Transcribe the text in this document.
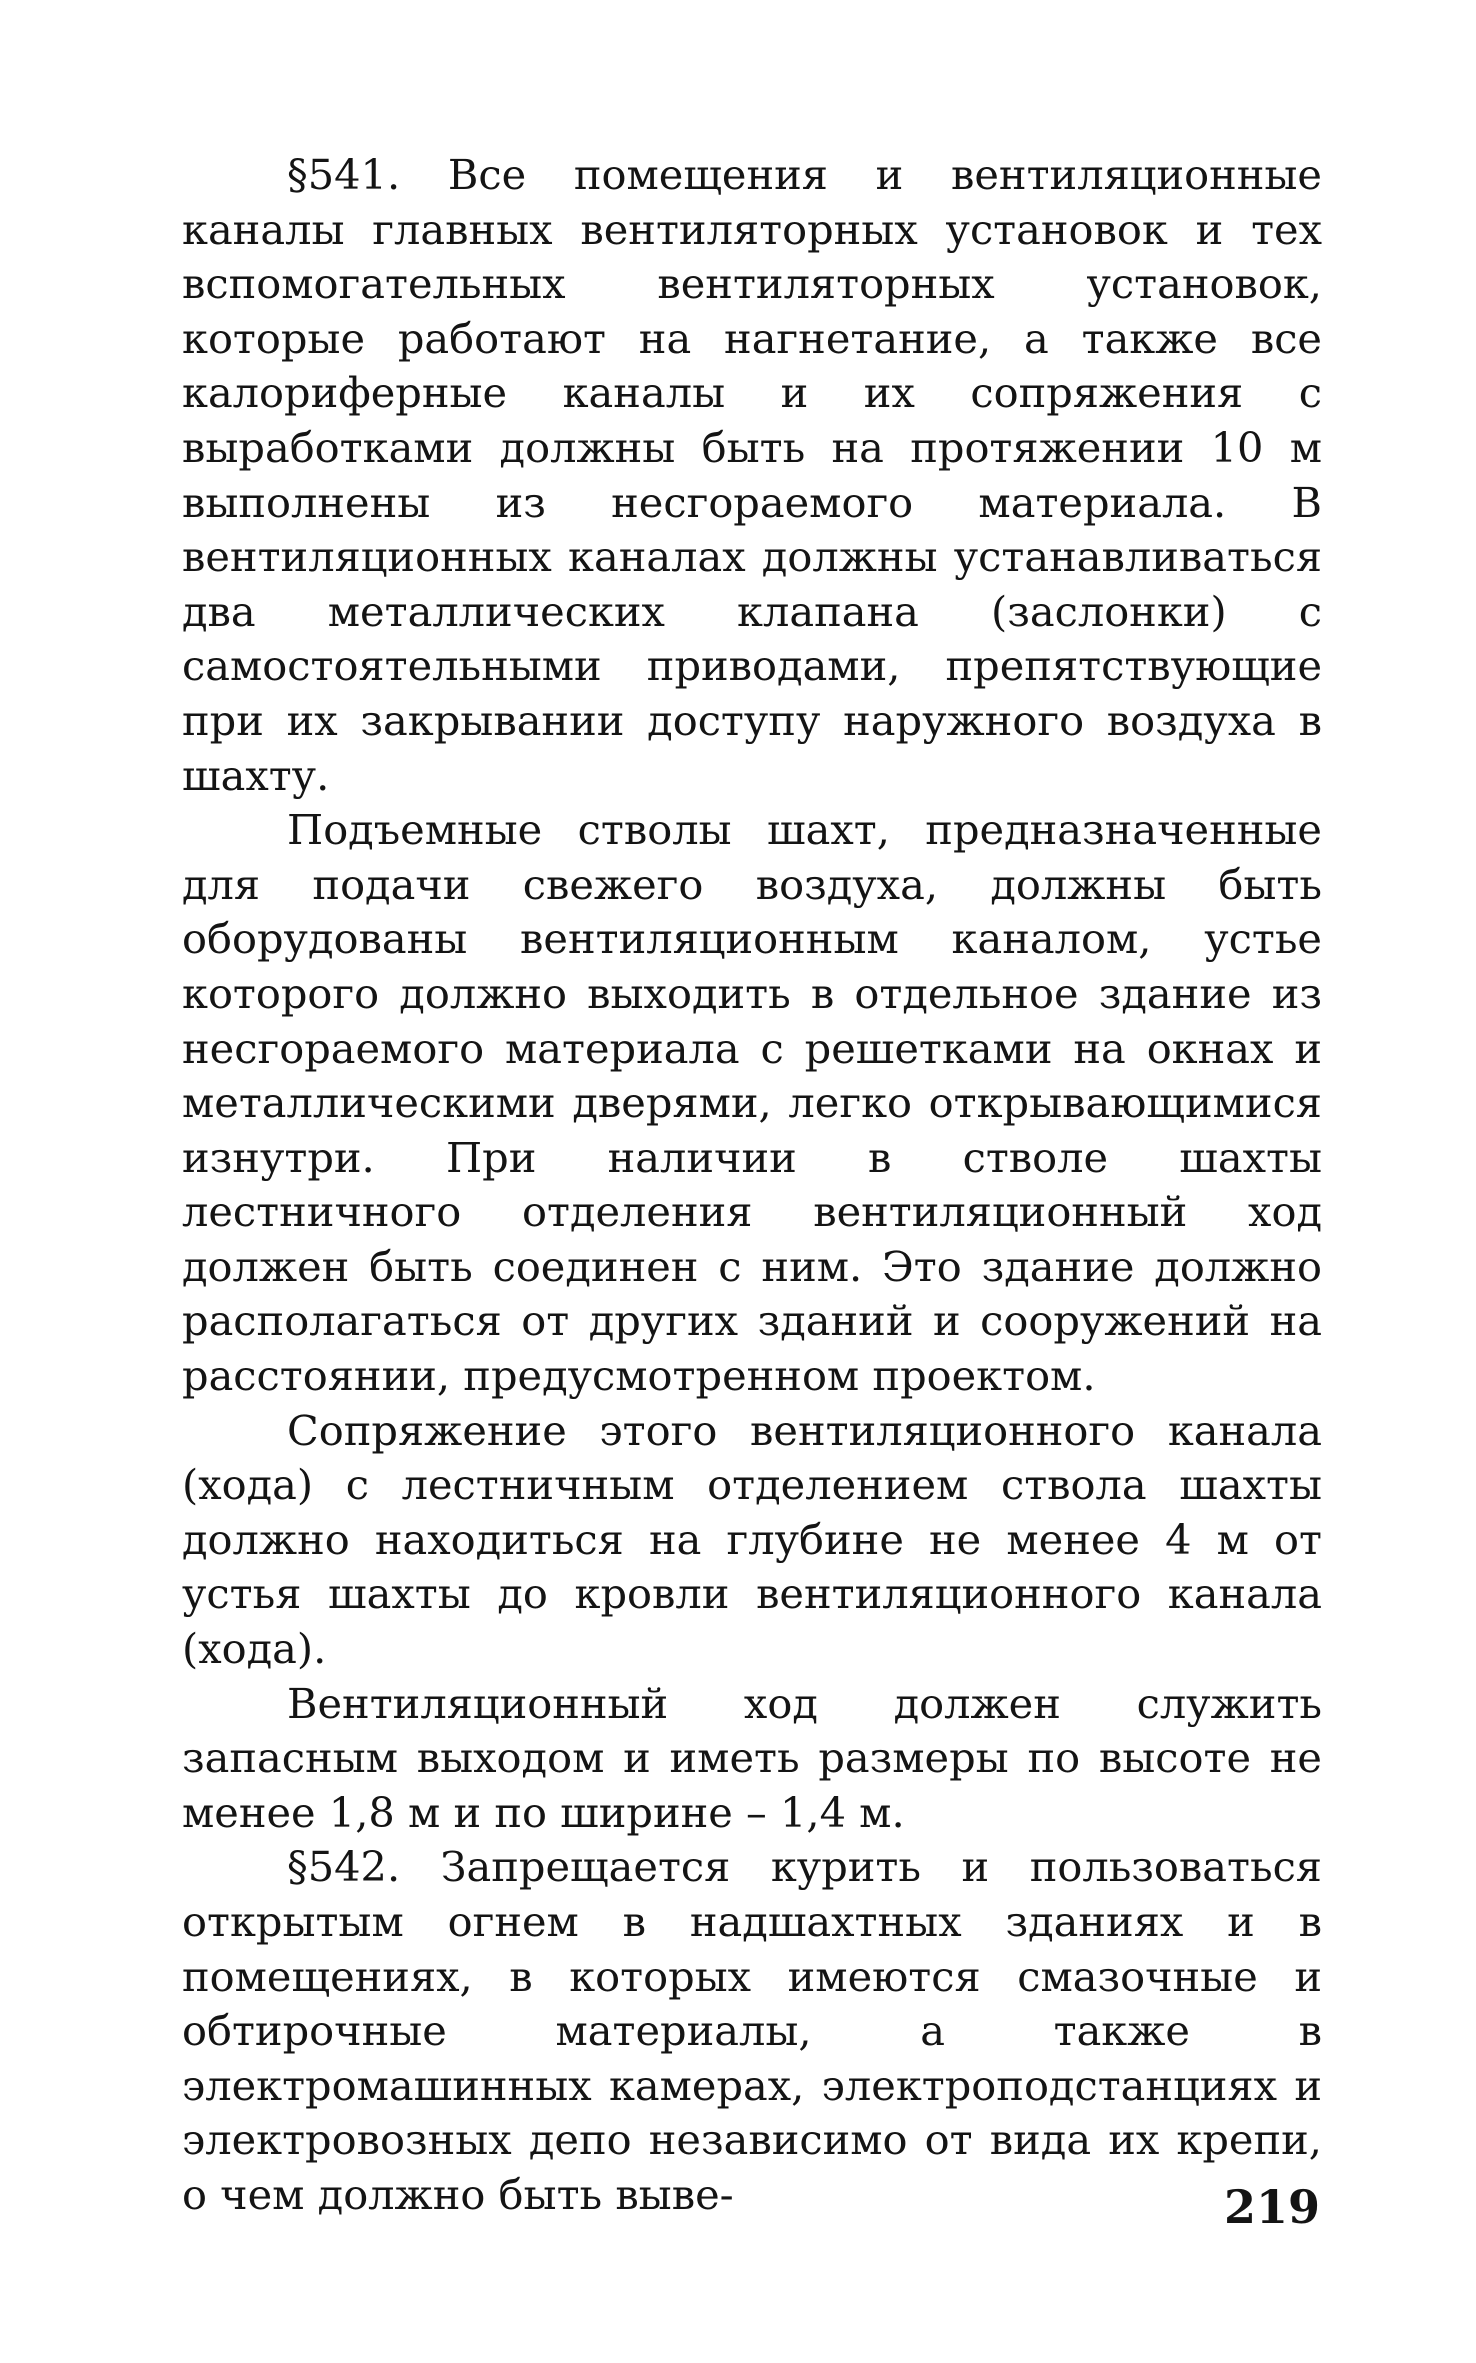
§541. Все помещения и вентиляционные каналы главных вентиляторных установок и тех вспомогательных вентиляторных установок, которые работают на нагнетание, а также все калориферные каналы и их сопряжения с выработками должны быть на протяжении 10 м выполнены из несгораемого материала. В вентиляционных каналах должны устанавливаться два металлических клапана (заслонки) с самостоятельными приводами, препятствующие при их закрывании доступу наружного воздуха в шахту.

Подъемные стволы шахт, предназначенные для подачи свежего воздуха, должны быть оборудованы вентиляционным каналом, устье которого должно выходить в отдельное здание из несгораемого материала с решетками на окнах и металлическими дверями, легко открывающимися изнутри. При наличии в стволе шахты лестничного отделения вентиляционный ход должен быть соединен с ним. Это здание должно располагаться от других зданий и сооружений на расстоянии, предусмотренном проектом.

Сопряжение этого вентиляционного канала (хода) с лестничным отделением ствола шахты должно находиться на глубине не менее 4 м от устья шахты до кровли вентиляционного канала (хода).

Вентиляционный ход должен служить запасным выходом и иметь размеры по высоте не менее 1,8 м и по ширине – 1,4 м.

§542. Запрещается курить и пользоваться открытым огнем в надшахтных зданиях и в помещениях, в которых имеются смазочные и обтирочные материалы, а также в электромашинных камерах, электроподстанциях и электровозных депо независимо от вида их крепи, о чем должно быть выве-	219
